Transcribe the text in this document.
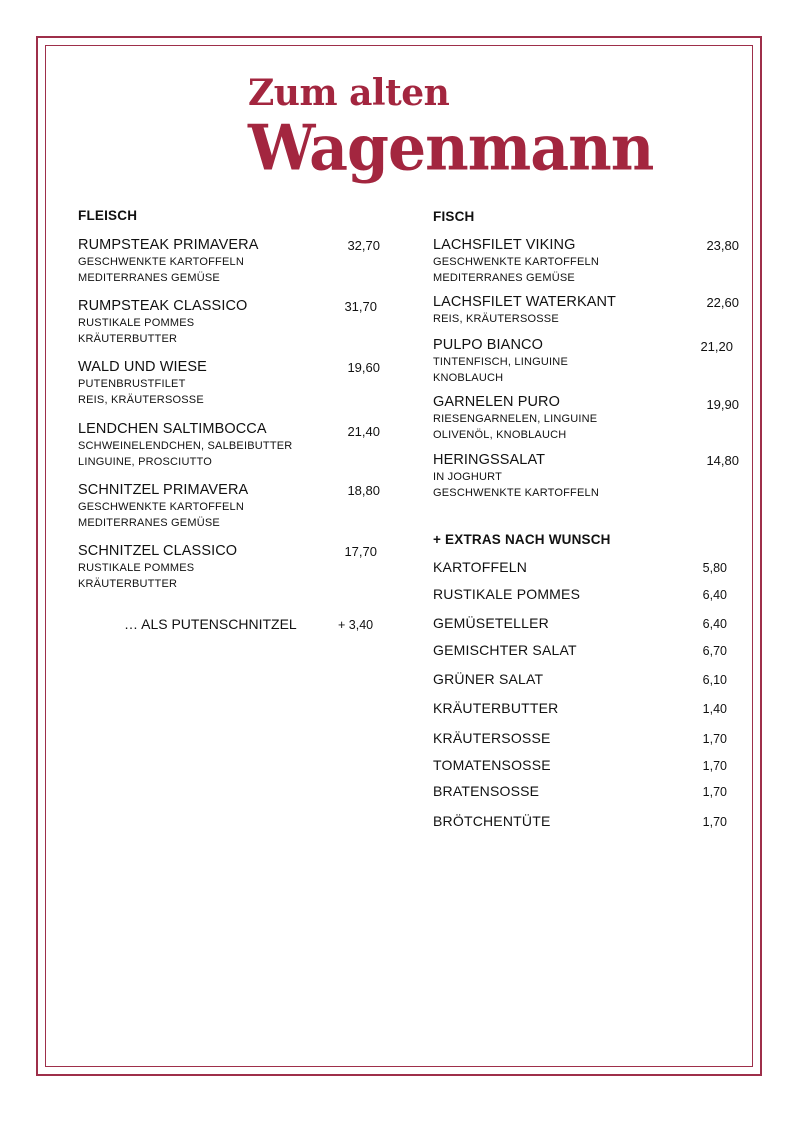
Zum alten
Wagenmann
FLEISCH
RUMPSTEAK PRIMAVERA	32,70
GESCHWENKTE KARTOFFELN
MEDITERRANES GEMÜSE
RUMPSTEAK CLASSICO	31,70
RUSTIKALE POMMES
KRÄUTERBUTTER
WALD UND WIESE	19,60
PUTENBRUSTFILET
REIS, KRÄUTERSOSSE
LENDCHEN SALTIMBOCCA	21,40
SCHWEINELENDCHEN, SALBEIBUTTER
LINGUINE, PROSCIUTTO
SCHNITZEL PRIMAVERA	18,80
GESCHWENKTE KARTOFFELN
MEDITERRANES GEMÜSE
SCHNITZEL CLASSICO	17,70
RUSTIKALE POMMES
KRÄUTERBUTTER
… ALS PUTENSCHNITZEL	+ 3,40
FISCH
LACHSFILET VIKING	23,80
GESCHWENKTE KARTOFFELN
MEDITERRANES GEMÜSE
LACHSFILET WATERKANT	22,60
REIS, KRÄUTERSOSSE
PULPO BIANCO	21,20
TINTENFISCH, LINGUINE
KNOBLAUCH
GARNELEN PURO	19,90
RIESENGARNELEN, LINGUINE
OLIVENÖL, KNOBLAUCH
HERINGSSALAT	14,80
IN JOGHURT
GESCHWENKTE KARTOFFELN
+ EXTRAS NACH WUNSCH
KARTOFFELN	5,80
RUSTIKALE POMMES	6,40
GEMÜSETELLER	6,40
GEMISCHTER SALAT	6,70
GRÜNER SALAT	6,10
KRÄUTERBUTTER	1,40
KRÄUTERSOSSE	1,70
TOMATENSOSSE	1,70
BRATENSOSSE	1,70
BRÖTCHENTÜTE	1,70
